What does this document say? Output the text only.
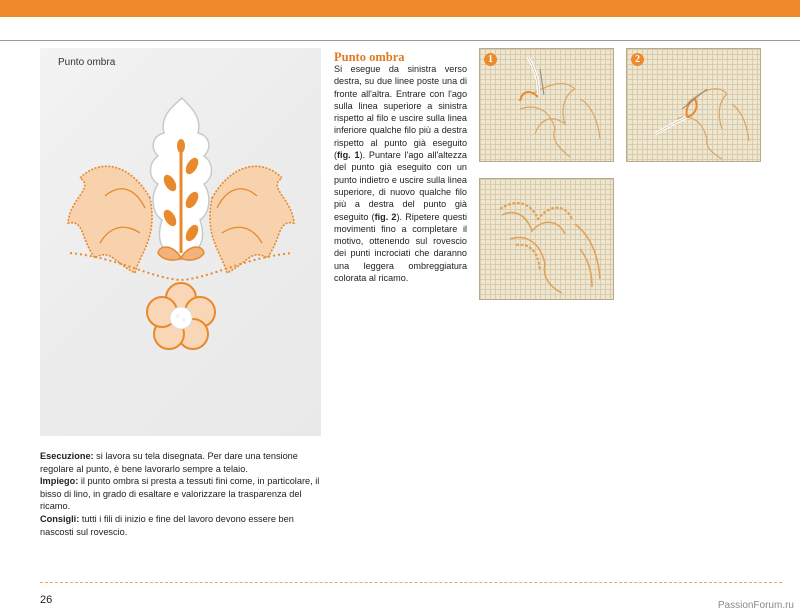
Punto ombra	Punto ombra
Si esegue da sinistra verso destra, su due linee poste una di fronte all'altra. Entrare con l'ago sulla linea superiore a sinistra rispetto al filo e uscire sulla linea inferiore qualche filo più a destra rispetto al punto già eseguito (fig. 1). Puntare l'ago all'altezza del punto già eseguito con un punto indietro e uscire sulla linea superiore, di nuovo qualche filo più a destra del punto già eseguito (fig. 2). Ripetere questi movimenti fino a completare il motivo, ottenendo sul rovescio dei punti incrociati che daranno una leggera ombreggiatura colorata al ricamo.
1	2
Esecuzione: si lavora su tela disegnata. Per dare una tensione regolare al punto, è bene lavorarlo sempre a telaio.
Impiego: il punto ombra si presta a tessuti fini come, in particolare, il bisso di lino, in grado di esaltare e valorizzare la trasparenza del ricamo.
Consigli: tutti i fili di inizio e fine del lavoro devono essere ben nascosti sul rovescio.
26	PassionForum.ru
